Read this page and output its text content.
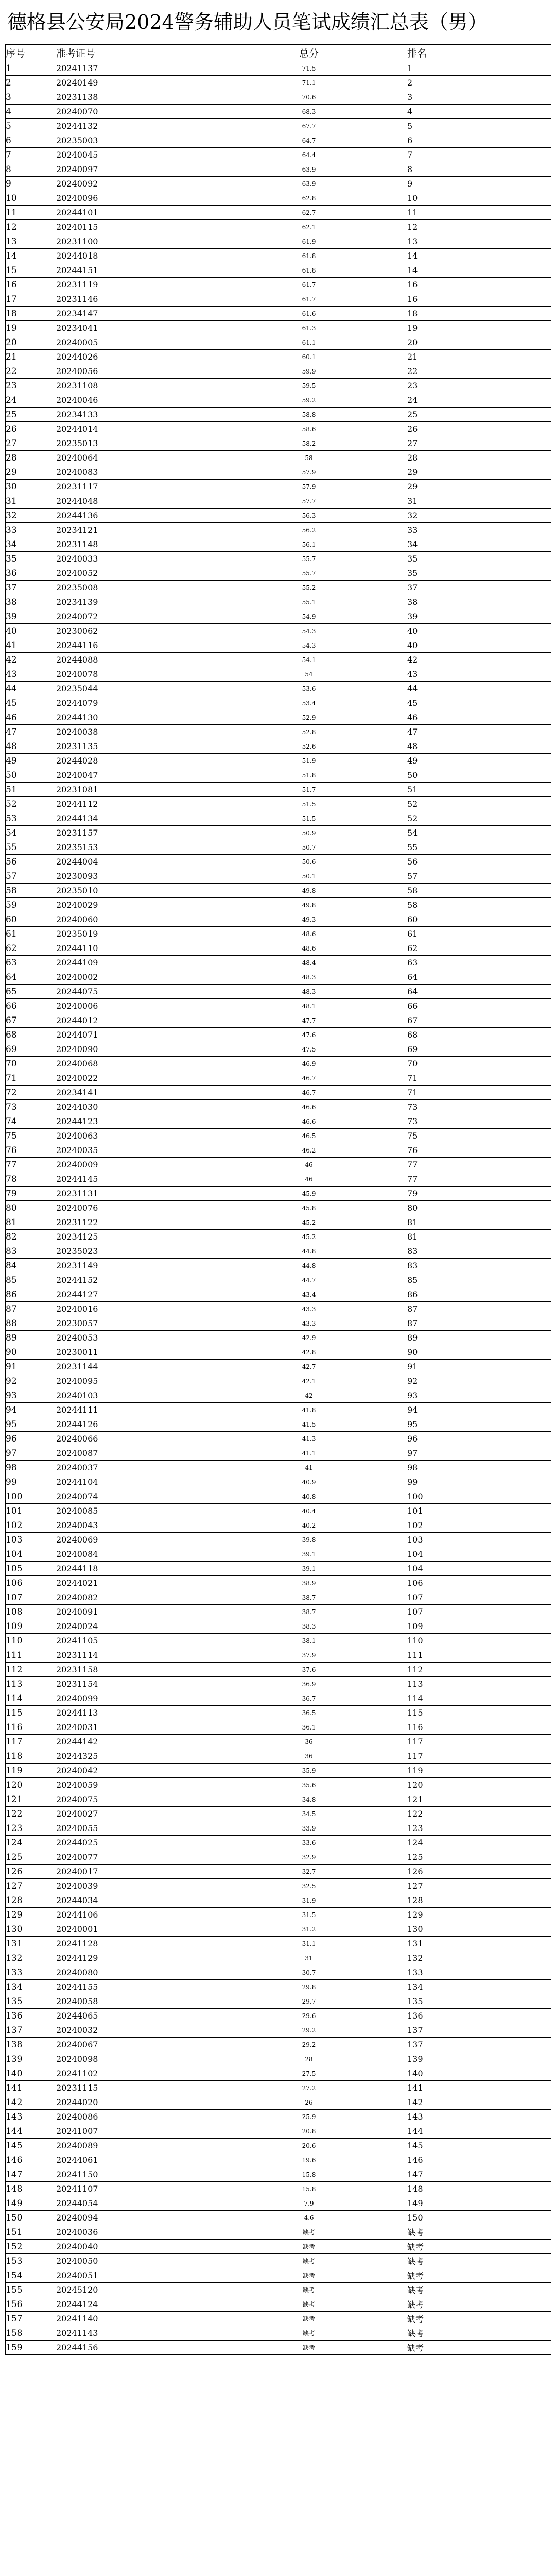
德格县公安局2024警务辅助人员笔试成绩汇总表（男）
序号	准考证号	总分	排名
1	20241137	71.5	1
2	20240149	71.1	2
3	20231138	70.6	3
4	20240070	68.3	4
5	20244132	67.7	5
6	20235003	64.7	6
7	20240045	64.4	7
8	20240097	63.9	8
9	20240092	63.9	9
10	20240096	62.8	10
11	20244101	62.7	11
12	20240115	62.1	12
13	20231100	61.9	13
14	20244018	61.8	14
15	20244151	61.8	14
16	20231119	61.7	16
17	20231146	61.7	16
18	20234147	61.6	18
19	20234041	61.3	19
20	20240005	61.1	20
21	20244026	60.1	21
22	20240056	59.9	22
23	20231108	59.5	23
24	20240046	59.2	24
25	20234133	58.8	25
26	20244014	58.6	26
27	20235013	58.2	27
28	20240064	58	28
29	20240083	57.9	29
30	20231117	57.9	29
31	20244048	57.7	31
32	20244136	56.3	32
33	20234121	56.2	33
34	20231148	56.1	34
35	20240033	55.7	35
36	20240052	55.7	35
37	20235008	55.2	37
38	20234139	55.1	38
39	20240072	54.9	39
40	20230062	54.3	40
41	20244116	54.3	40
42	20244088	54.1	42
43	20240078	54	43
44	20235044	53.6	44
45	20244079	53.4	45
46	20244130	52.9	46
47	20240038	52.8	47
48	20231135	52.6	48
49	20244028	51.9	49
50	20240047	51.8	50
51	20231081	51.7	51
52	20244112	51.5	52
53	20244134	51.5	52
54	20231157	50.9	54
55	20235153	50.7	55
56	20244004	50.6	56
57	20230093	50.1	57
58	20235010	49.8	58
59	20240029	49.8	58
60	20240060	49.3	60
61	20235019	48.6	61
62	20244110	48.6	62
63	20244109	48.4	63
64	20240002	48.3	64
65	20244075	48.3	64
66	20240006	48.1	66
67	20244012	47.7	67
68	20244071	47.6	68
69	20240090	47.5	69
70	20240068	46.9	70
71	20240022	46.7	71
72	20234141	46.7	71
73	20244030	46.6	73
74	20244123	46.6	73
75	20240063	46.5	75
76	20240035	46.2	76
77	20240009	46	77
78	20244145	46	77
79	20231131	45.9	79
80	20240076	45.8	80
81	20231122	45.2	81
82	20234125	45.2	81
83	20235023	44.8	83
84	20231149	44.8	83
85	20244152	44.7	85
86	20244127	43.4	86
87	20240016	43.3	87
88	20230057	43.3	87
89	20240053	42.9	89
90	20230011	42.8	90
91	20231144	42.7	91
92	20240095	42.1	92
93	20240103	42	93
94	20244111	41.8	94
95	20244126	41.5	95
96	20240066	41.3	96
97	20240087	41.1	97
98	20240037	41	98
99	20244104	40.9	99
100	20240074	40.8	100
101	20240085	40.4	101
102	20240043	40.2	102
103	20240069	39.8	103
104	20240084	39.1	104
105	20244118	39.1	104
106	20244021	38.9	106
107	20240082	38.7	107
108	20240091	38.7	107
109	20240024	38.3	109
110	20241105	38.1	110
111	20231114	37.9	111
112	20231158	37.6	112
113	20231154	36.9	113
114	20240099	36.7	114
115	20244113	36.5	115
116	20240031	36.1	116
117	20244142	36	117
118	20244325	36	117
119	20240042	35.9	119
120	20240059	35.6	120
121	20240075	34.8	121
122	20240027	34.5	122
123	20240055	33.9	123
124	20244025	33.6	124
125	20240077	32.9	125
126	20240017	32.7	126
127	20240039	32.5	127
128	20244034	31.9	128
129	20244106	31.5	129
130	20240001	31.2	130
131	20241128	31.1	131
132	20244129	31	132
133	20240080	30.7	133
134	20244155	29.8	134
135	20240058	29.7	135
136	20244065	29.6	136
137	20240032	29.2	137
138	20240067	29.2	137
139	20240098	28	139
140	20241102	27.5	140
141	20231115	27.2	141
142	20244020	26	142
143	20240086	25.9	143
144	20241007	20.8	144
145	20240089	20.6	145
146	20244061	19.6	146
147	20241150	15.8	147
148	20241107	15.8	148
149	20244054	7.9	149
150	20240094	4.6	150
151	20240036	缺考	缺考
152	20240040	缺考	缺考
153	20240050	缺考	缺考
154	20240051	缺考	缺考
155	20245120	缺考	缺考
156	20244124	缺考	缺考
157	20241140	缺考	缺考
158	20241143	缺考	缺考
159	20244156	缺考	缺考
